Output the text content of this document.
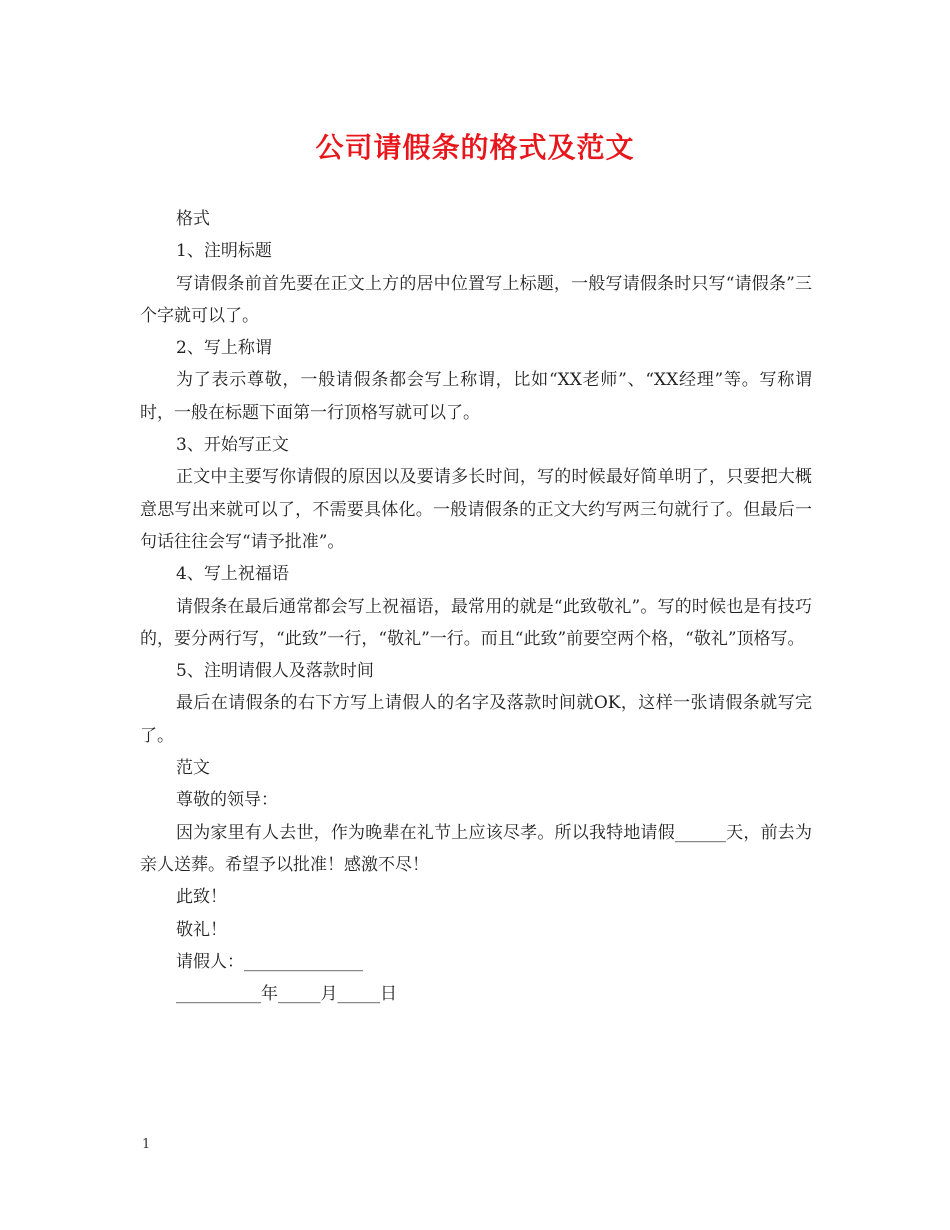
公司请假条的格式及范文

格式

1、注明标题

写请假条前首先要在正文上方的居中位置写上标题，一般写请假条时只写“请假条”三个字就可以了。

2、写上称谓

为了表示尊敬，一般请假条都会写上称谓，比如“XX老师”、“XX经理”等。写称谓时，一般在标题下面第一行顶格写就可以了。

3、开始写正文

正文中主要写你请假的原因以及要请多长时间，写的时候最好简单明了，只要把大概意思写出来就可以了，不需要具体化。一般请假条的正文大约写两三句就行了。但最后一句话往往会写“请予批准”。

4、写上祝福语

请假条在最后通常都会写上祝福语，最常用的就是“此致敬礼”。写的时候也是有技巧的，要分两行写，“此致”一行，“敬礼”一行。而且“此致”前要空两个格，“敬礼”顶格写。

5、注明请假人及落款时间

最后在请假条的右下方写上请假人的名字及落款时间就OK，这样一张请假条就写完了。

范文

尊敬的领导：

因为家里有人去世，作为晚辈在礼节上应该尽孝。所以我特地请假______天，前去为亲人送葬。希望予以批准！感激不尽！

此致！

敬礼！

请假人：______________

__________年_____月_____日

1
